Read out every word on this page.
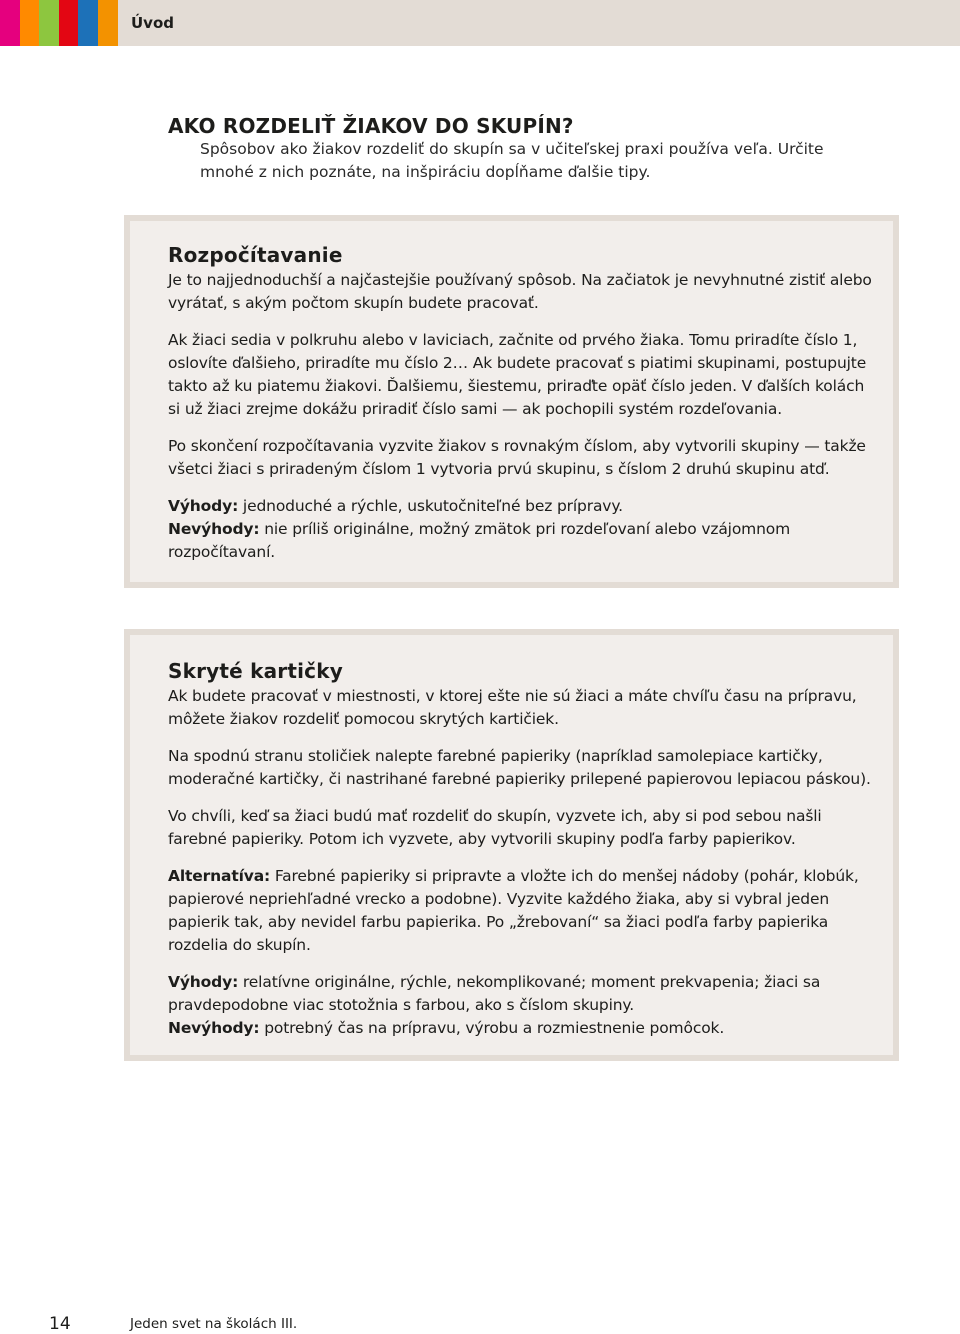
Úvod
AKO ROZDELIŤ ŽIAKOV DO SKUPÍN?
Spôsobov ako žiakov rozdeliť do skupín sa v učiteľskej praxi používa veľa. Určite mnohé z nich poznáte, na inšpiráciu dopĺňame ďalšie tipy.
Rozpočítavanie

Je to najjednoduchší a najčastejšie používaný spôsob. Na začiatok je nevyhnutné zistiť alebo vyrátať, s akým počtom skupín budete pracovať.

Ak žiaci sedia v polkruhu alebo v laviciach, začnite od prvého žiaka. Tomu priradíte číslo 1, oslovíte ďalšieho, priradíte mu číslo 2… Ak budete pracovať s piatimi skupinami, postupujte takto až ku piatemu žiakovi. Ďalšiemu, šiestemu, priraďte opäť číslo jeden. V ďalších kolách si už žiaci zrejme dokážu priradiť číslo sami — ak pochopili systém rozdeľovania.

Po skončení rozpočítavania vyzvite žiakov s rovnakým číslom, aby vytvorili skupiny — takže všetci žiaci s priradeným číslom 1 vytvoria prvú skupinu, s číslom 2 druhú skupinu atď.

Výhody: jednoduché a rýchle, uskutočniteľné bez prípravy.

Nevýhody: nie príliš originálne, možný zmätok pri rozdeľovaní alebo vzájomnom rozpočítavaní.

Skryté kartičky

Ak budete pracovať v miestnosti, v ktorej ešte nie sú žiaci a máte chvíľu času na prípravu, môžete žiakov rozdeliť pomocou skrytých kartičiek.

Na spodnú stranu stoličiek nalepte farebné papieriky (napríklad samolepiace kartičky, moderačné kartičky, či nastrihané farebné papieriky prilepené papierovou lepiacou páskou).

Vo chvíli, keď sa žiaci budú mať rozdeliť do skupín, vyzvete ich, aby si pod sebou našli farebné papieriky. Potom ich vyzvete, aby vytvorili skupiny podľa farby papierikov.

Alternatíva: Farebné papieriky si pripravte a vložte ich do menšej nádoby (pohár, klobúk, papierové nepriehľadné vrecko a podobne). Vyzvite každého žiaka, aby si vybral jeden papierik tak, aby nevidel farbu papierika. Po „žrebovaní“ sa žiaci podľa farby papierika rozdelia do skupín.

Výhody: relatívne originálne, rýchle, nekomplikované; moment prekvapenia; žiaci sa pravdepodobne viac stotožnia s farbou, ako s číslom skupiny.

Nevýhody: potrebný čas na prípravu, výrobu a rozmiestnenie pomôcok.

14	Jeden svet na školách III.
